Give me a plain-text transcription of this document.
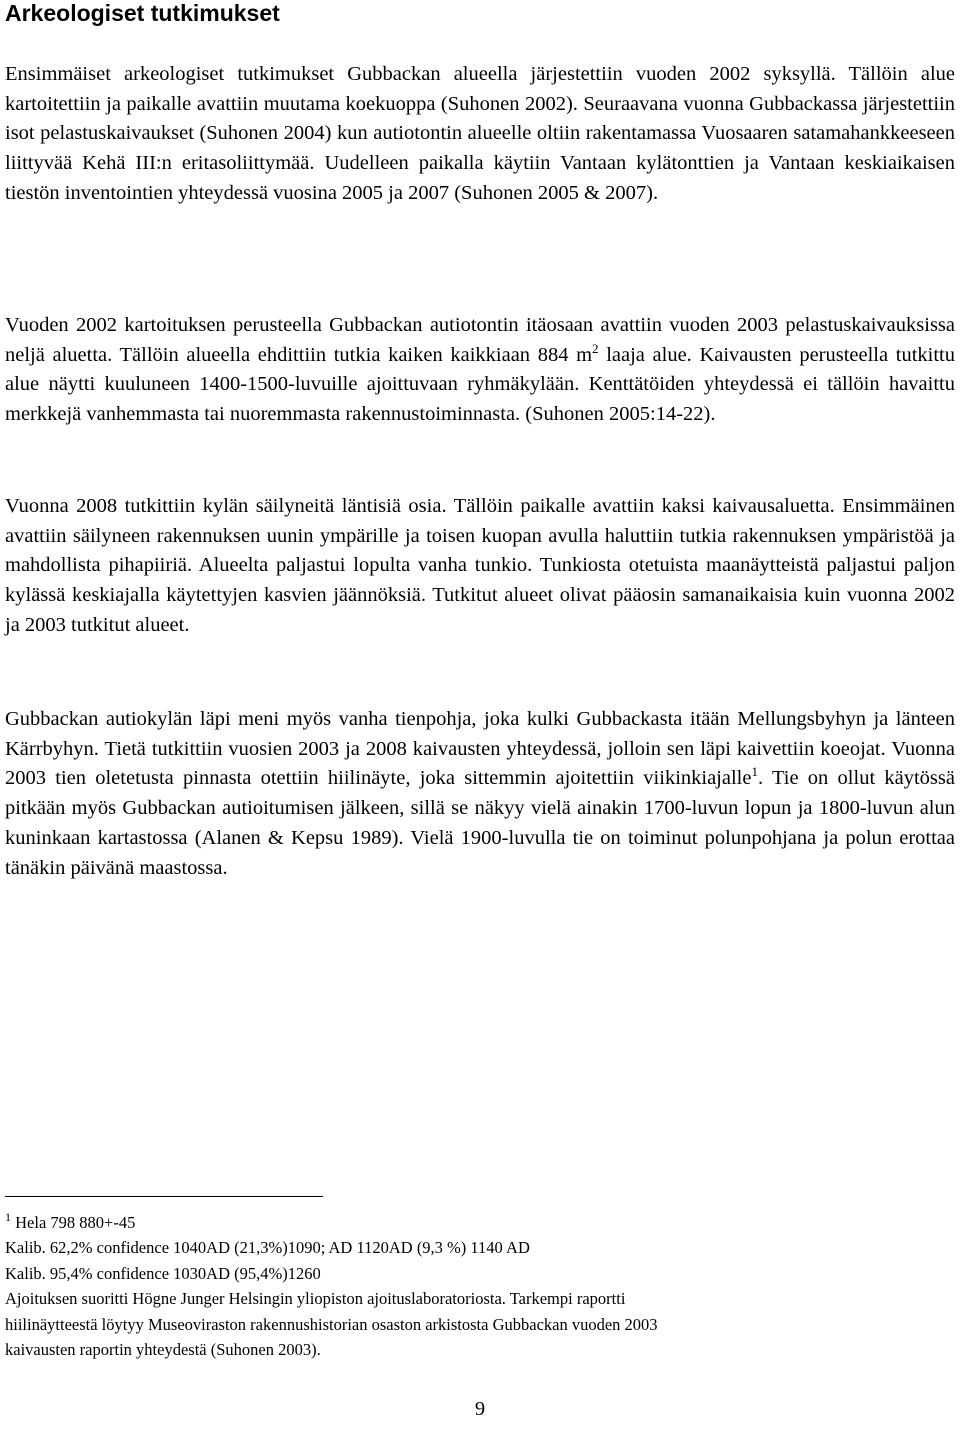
Arkeologiset tutkimukset

Ensimmäiset arkeologiset tutkimukset Gubbackan alueella järjestettiin vuoden 2002 syksyllä. Tällöin alue kartoitettiin ja paikalle avattiin muutama koekuoppa (Suhonen 2002). Seuraavana vuonna Gubbackassa järjestettiin isot pelastuskaivaukset (Suhonen 2004) kun autiotontin alueelle oltiin rakentamassa Vuosaaren satamahankkeeseen liittyvää Kehä III:n eritasoliittymää. Uudelleen paikalla käytiin Vantaan kylätonttien ja Vantaan keskiaikaisen tiestön inventointien yhteydessä vuosina 2005 ja 2007 (Suhonen 2005 & 2007).

Vuoden 2002 kartoituksen perusteella Gubbackan autiotontin itäosaan avattiin vuoden 2003 pelastuskaivauksissa neljä aluetta. Tällöin alueella ehdittiin tutkia kaiken kaikkiaan 884 $m^2$ laaja alue. Kaivausten perusteella tutkittu alue näytti kuuluneen 1400-1500-luvuille ajoittuvaan ryhmäkylään. Kenttätöiden yhteydessä ei tällöin havaittu merkkejä vanhemmasta tai nuoremmasta rakennustoiminnasta. (Suhonen 2005:14-22).

Vuonna 2008 tutkittiin kylän säilyneitä läntisiä osia. Tällöin paikalle avattiin kaksi kaivausaluetta. Ensimmäinen avattiin säilyneen rakennuksen uunin ympärille ja toisen kuopan avulla haluttiin tutkia rakennuksen ympäristöä ja mahdollista pihapiiriä. Alueelta paljastui lopulta vanha tunkio. Tunkiosta otetuista maanäytteistä paljastui paljon kylässä keskiajalla käytettyjen kasvien jäännöksiä. Tutkitut alueet olivat pääosin samanaikaisia kuin vuonna 2002 ja 2003 tutkitut alueet.

Gubbackan autiokylän läpi meni myös vanha tienpohja, joka kulki Gubbackasta itään Mellungsbyhyn ja länteen Kärrbyhyn. Tietä tutkittiin vuosien 2003 ja 2008 kaivausten yhteydessä, jolloin sen läpi kaivettiin koeojat. Vuonna 2003 tien oletetusta pinnasta otettiin hiilinäyte, joka sittemmin ajoitettiin viikinkiajalle$^1$. Tie on ollut käytössä pitkään myös Gubbackan autioitumisen jälkeen, sillä se näkyy vielä ainakin 1700-luvun lopun ja 1800-luvun alun kuninkaan kartastossa (Alanen & Kepsu 1989). Vielä 1900-luvulla tie on toiminut polunpohjana ja polun erottaa tänäkin päivänä maastossa.

$^1$ Hela 798 880+-45
Kalib. 62,2% confidence 1040AD (21,3%)1090; AD 1120AD (9,3 %) 1140 AD
Kalib. 95,4% confidence 1030AD (95,4%)1260
Ajoituksen suoritti Högne Junger Helsingin yliopiston ajoituslaboratoriosta. Tarkempi raportti
hiilinäytteestä löytyy Museoviraston rakennushistorian osaston arkistosta Gubbackan vuoden 2003
kaivausten raportin yhteydestä (Suhonen 2003).
9
